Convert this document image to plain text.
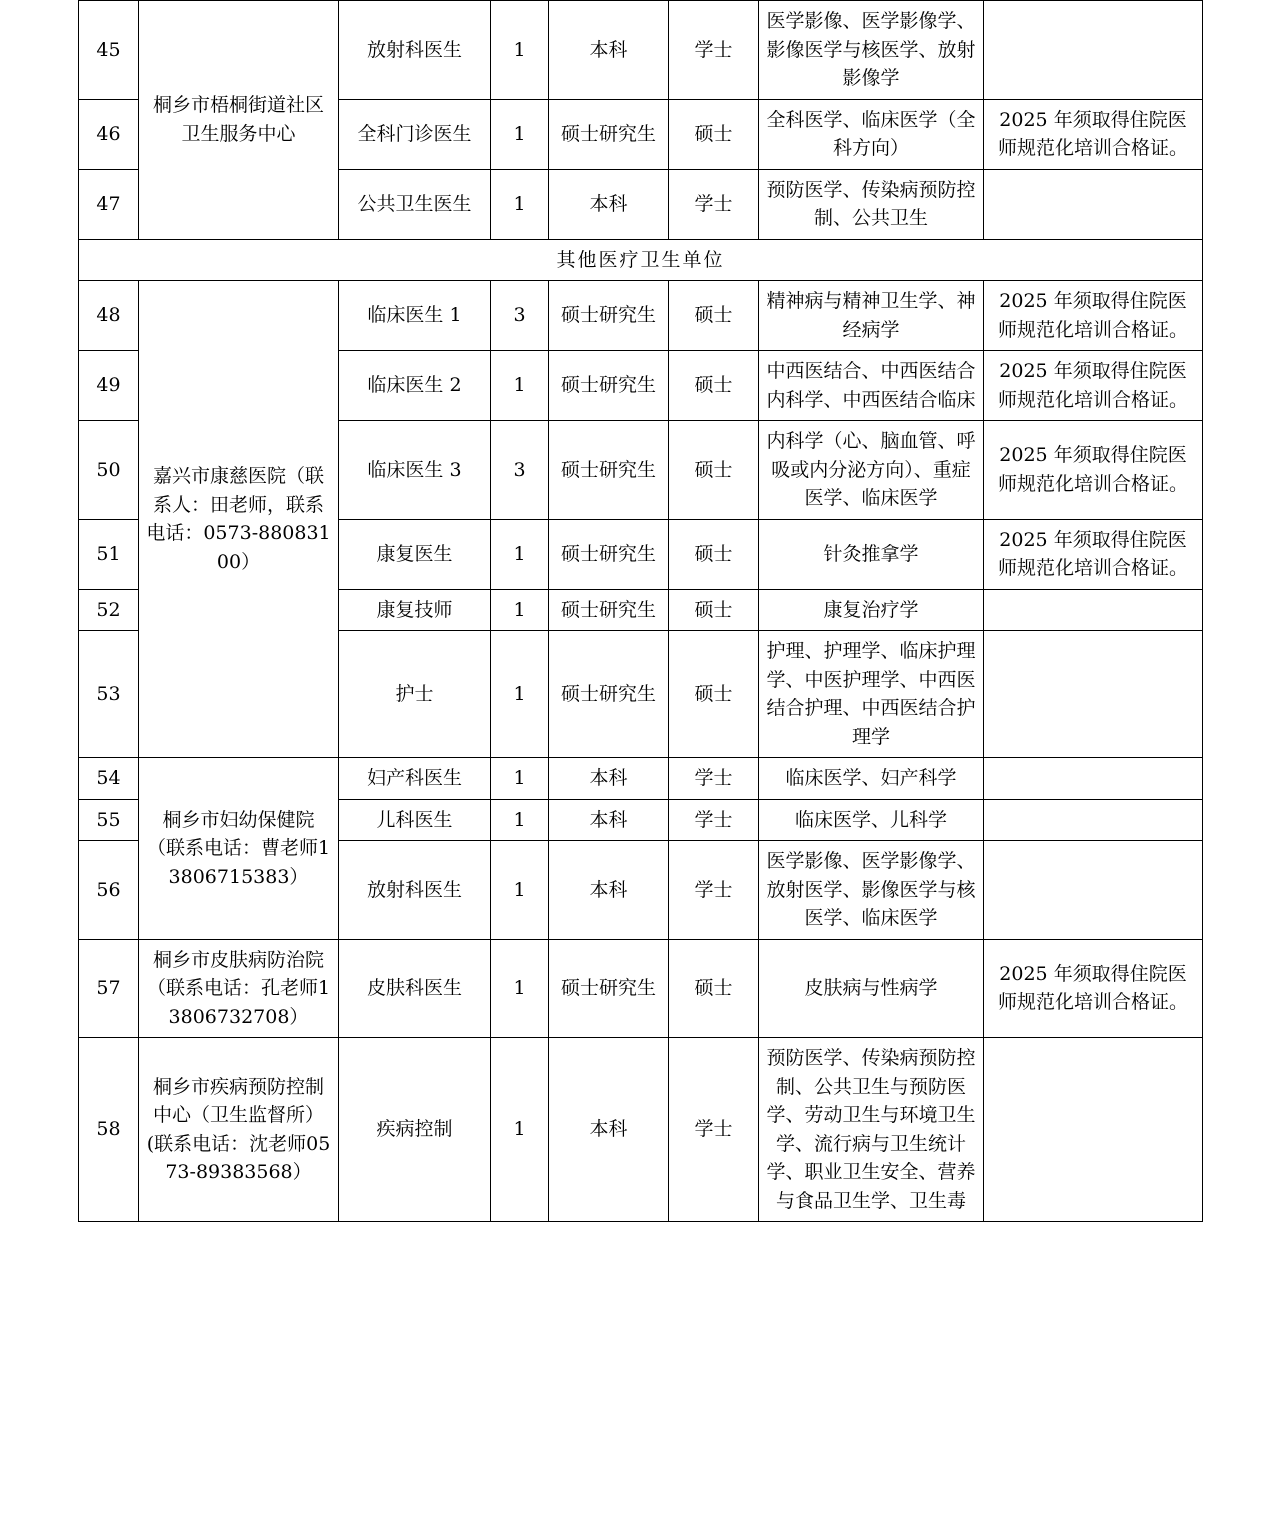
45	桐乡市梧桐街道社区卫生服务中心	放射科医生	1	本科	学士	医学影像、医学影像学、影像医学与核医学、放射影像学	
46		全科门诊医生	1	硕士研究生	硕士	全科医学、临床医学（全科方向）	2025 年须取得住院医师规范化培训合格证。
47		公共卫生医生	1	本科	学士	预防医学、传染病预防控制、公共卫生	
其他医疗卫生单位							
48	嘉兴市康慈医院（联系人：田老师，联系电话：0573-88083100）	临床医生 1	3	硕士研究生	硕士	精神病与精神卫生学、神经病学	2025 年须取得住院医师规范化培训合格证。
49		临床医生 2	1	硕士研究生	硕士	中西医结合、中西医结合内科学、中西医结合临床	2025 年须取得住院医师规范化培训合格证。
50		临床医生 3	3	硕士研究生	硕士	内科学（心、脑血管、呼吸或内分泌方向）、重症医学、临床医学	2025 年须取得住院医师规范化培训合格证。
51		康复医生	1	硕士研究生	硕士	针灸推拿学	2025 年须取得住院医师规范化培训合格证。
52		康复技师	1	硕士研究生	硕士	康复治疗学	
53		护士	1	硕士研究生	硕士	护理、护理学、临床护理学、中医护理学、中西医结合护理、中西医结合护理学	
54	桐乡市妇幼保健院（联系电话：曹老师13806715383）	妇产科医生	1	本科	学士	临床医学、妇产科学	
55		儿科医生	1	本科	学士	临床医学、儿科学	
56		放射科医生	1	本科	学士	医学影像、医学影像学、放射医学、影像医学与核医学、临床医学	
57	桐乡市皮肤病防治院（联系电话：孔老师13806732708）	皮肤科医生	1	硕士研究生	硕士	皮肤病与性病学	2025 年须取得住院医师规范化培训合格证。
58	桐乡市疾病预防控制中心（卫生监督所）(联系电话：沈老师0573-89383568）	疾病控制	1	本科	学士	预防医学、传染病预防控制、公共卫生与预防医学、劳动卫生与环境卫生学、流行病与卫生统计学、职业卫生安全、营养与食品卫生学、卫生毒	
